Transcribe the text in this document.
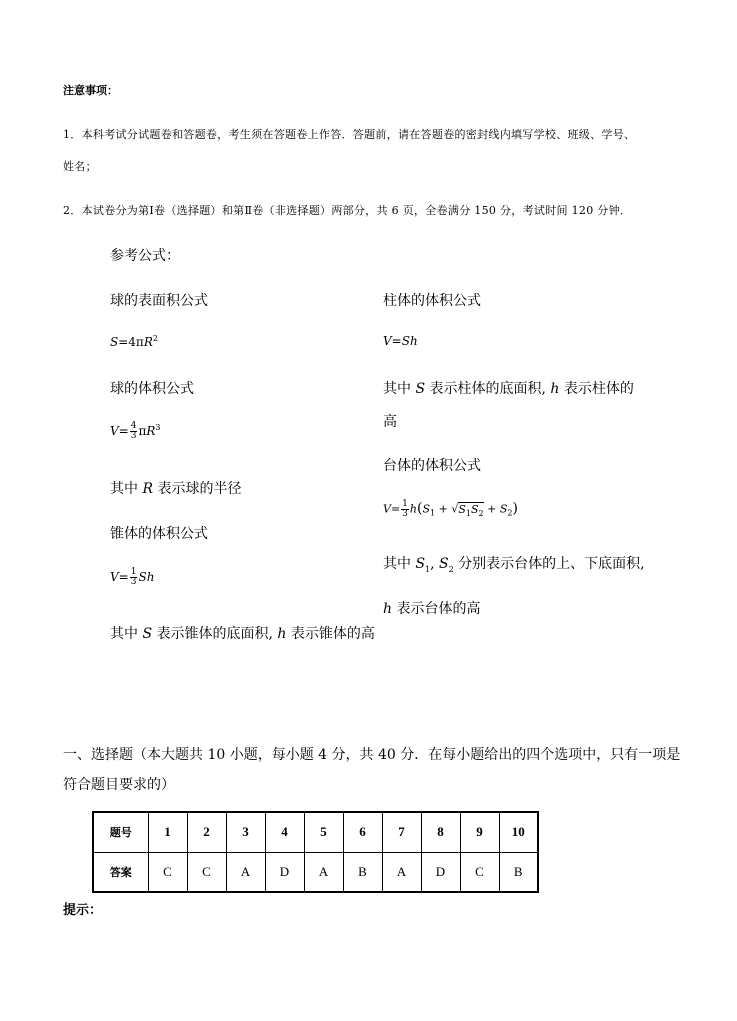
注意事项：
1．本科考试分试题卷和答题卷，考生须在答题卷上作答．答题前，请在答题卷的密封线内填写学校、班级、学号、
姓名；
2．本试卷分为第Ⅰ卷（选择题）和第Ⅱ卷（非选择题）两部分，共 6 页，全卷满分 150 分，考试时间 120 分钟．
参考公式：
球的表面积公式
$S=4\pi R^2$
球的体积公式
$V= \frac{4}{3} \pi R^3$
其中 R 表示球的半径
锥体的体积公式
$V= \frac{1}{3}$ Sh
其中 S 表示锥体的底面积, h 表示锥体的高
柱体的体积公式
V=Sh
其中 S 表示柱体的底面积, h 表示柱体的
高
台体的体积公式
$V= \frac{1}{3} h(S_1 + √S_1S_2 + S_2)$
其中 $S_1$, $S_2$ 分别表示台体的上、下底面积,
h 表示台体的高
一、选择题（本大题共 10 小题，每小题 4 分，共 40 分．在每小题给出的四个选项中，只有一项是
符合题目要求的）
题号	1	2	3	4	5	6	7	8	9	10
答案	C	C	A	D	A	B	A	D	C	B
提示：
